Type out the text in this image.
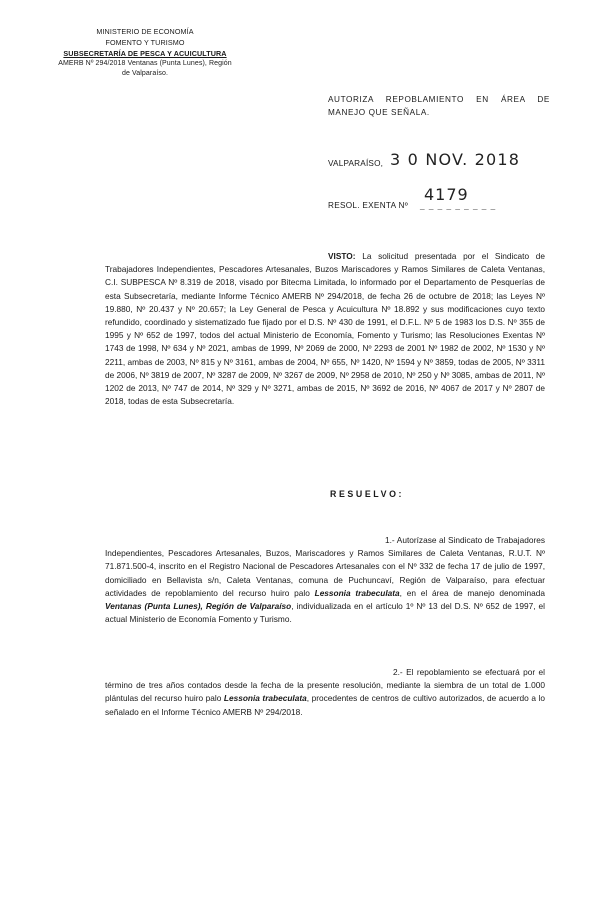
MINISTERIO DE ECONOMÍA
FOMENTO Y TURISMO
SUBSECRETARÍA DE PESCA Y ACUICULTURA
AMERB Nº 294/2018 Ventanas (Punta Lunes), Región
de Valparaíso.
AUTORIZA REPOBLAMIENTO EN ÁREA DE MANEJO QUE SEÑALA.
VALPARAÍSO, 3 0 NOV. 2018
RESOL. EXENTA Nº _ _ _ _ _ _ _ _ _
4179
VISTO: La solicitud presentada por el Sindicato de Trabajadores Independientes, Pescadores Artesanales, Buzos Mariscadores y Ramos Similares de Caleta Ventanas, C.I. SUBPESCA Nº 8.319 de 2018, visado por Bitecma Limitada, lo informado por el Departamento de Pesquerías de esta Subsecretaría, mediante Informe Técnico AMERB Nº 294/2018, de fecha 26 de octubre de 2018; las Leyes Nº 19.880, Nº 20.437 y Nº 20.657; la Ley General de Pesca y Acuicultura Nº 18.892 y sus modificaciones cuyo texto refundido, coordinado y sistematizado fue fijado por el D.S. Nº 430 de 1991, el D.F.L. Nº 5 de 1983 los D.S. Nº 355 de 1995 y Nº 652 de 1997, todos del actual Ministerio de Economía, Fomento y Turismo; las Resoluciones Exentas Nº 1743 de 1998, Nº 634 y Nº 2021, ambas de 1999, Nº 2069 de 2000, Nº 2293 de 2001 Nº 1982 de 2002, Nº 1530 y Nº 2211, ambas de 2003, Nº 815 y Nº 3161, ambas de 2004, Nº 655, Nº 1420, Nº 1594 y Nº 3859, todas de 2005, Nº 3311 de 2006, Nº 3819 de 2007, Nº 3287 de 2009, Nº 3267 de 2009, Nº 2958 de 2010, Nº 250 y Nº 3085, ambas de 2011, Nº 1202 de 2013, Nº 747 de 2014, Nº 329 y Nº 3271, ambas de 2015, Nº 3692 de 2016, Nº 4067 de 2017 y Nº 2807 de 2018, todas de esta Subsecretaría.
RESUELVO:
1.- Autorízase al Sindicato de Trabajadores Independientes, Pescadores Artesanales, Buzos, Mariscadores y Ramos Similares de Caleta Ventanas, R.U.T. Nº 71.871.500-4, inscrito en el Registro Nacional de Pescadores Artesanales con el Nº 332 de fecha 17 de julio de 1997, domiciliado en Bellavista s/n, Caleta Ventanas, comuna de Puchuncaví, Región de Valparaíso, para efectuar actividades de repoblamiento del recurso huiro palo Lessonia trabeculata, en el área de manejo denominada Ventanas (Punta Lunes), Región de Valparaíso, individualizada en el artículo 1º Nº 13 del D.S. Nº 652 de 1997, el actual Ministerio de Economía Fomento y Turismo.
2.- El repoblamiento se efectuará por el término de tres años contados desde la fecha de la presente resolución, mediante la siembra de un total de 1.000 plántulas del recurso huiro palo Lessonia trabeculata, procedentes de centros de cultivo autorizados, de acuerdo a lo señalado en el Informe Técnico AMERB Nº 294/2018.
